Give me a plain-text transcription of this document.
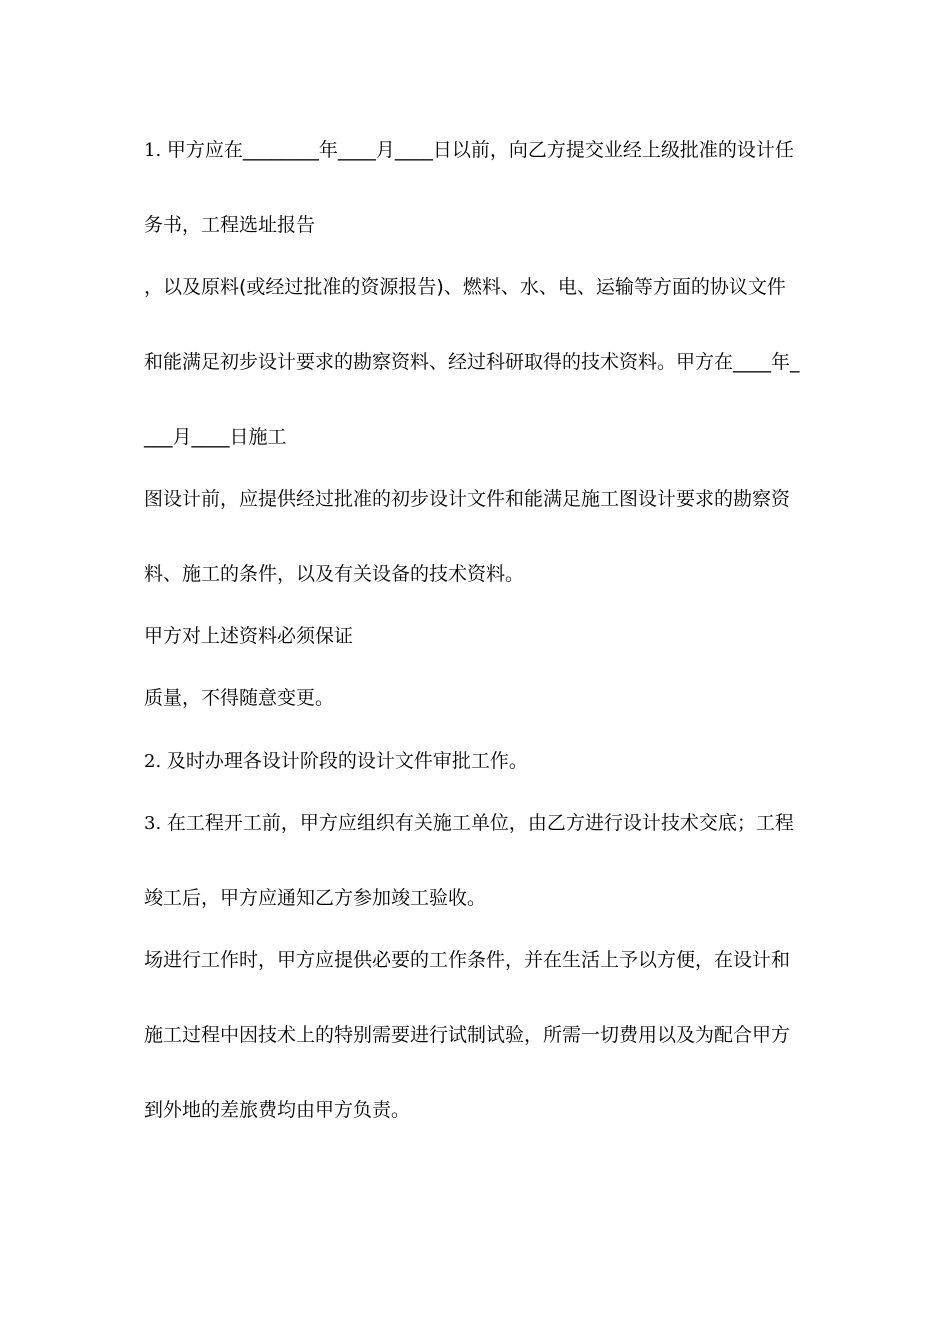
1. 甲方应在________年____月____日以前，向乙方提交业经上级批准的设计任
务书，工程选址报告
，以及原料(或经过批准的资源报告)、燃料、水、电、运输等方面的协议文件
和能满足初步设计要求的勘察资料、经过科研取得的技术资料。甲方在____年_
___月____日施工
图设计前，应提供经过批准的初步设计文件和能满足施工图设计要求的勘察资
料、施工的条件，以及有关设备的技术资料。
甲方对上述资料必须保证
质量，不得随意变更。
2. 及时办理各设计阶段的设计文件审批工作。
3. 在工程开工前，甲方应组织有关施工单位，由乙方进行设计技术交底；工程
竣工后，甲方应通知乙方参加竣工验收。
场进行工作时，甲方应提供必要的工作条件，并在生活上予以方便，在设计和
施工过程中因技术上的特别需要进行试制试验，所需一切费用以及为配合甲方
到外地的差旅费均由甲方负责。
